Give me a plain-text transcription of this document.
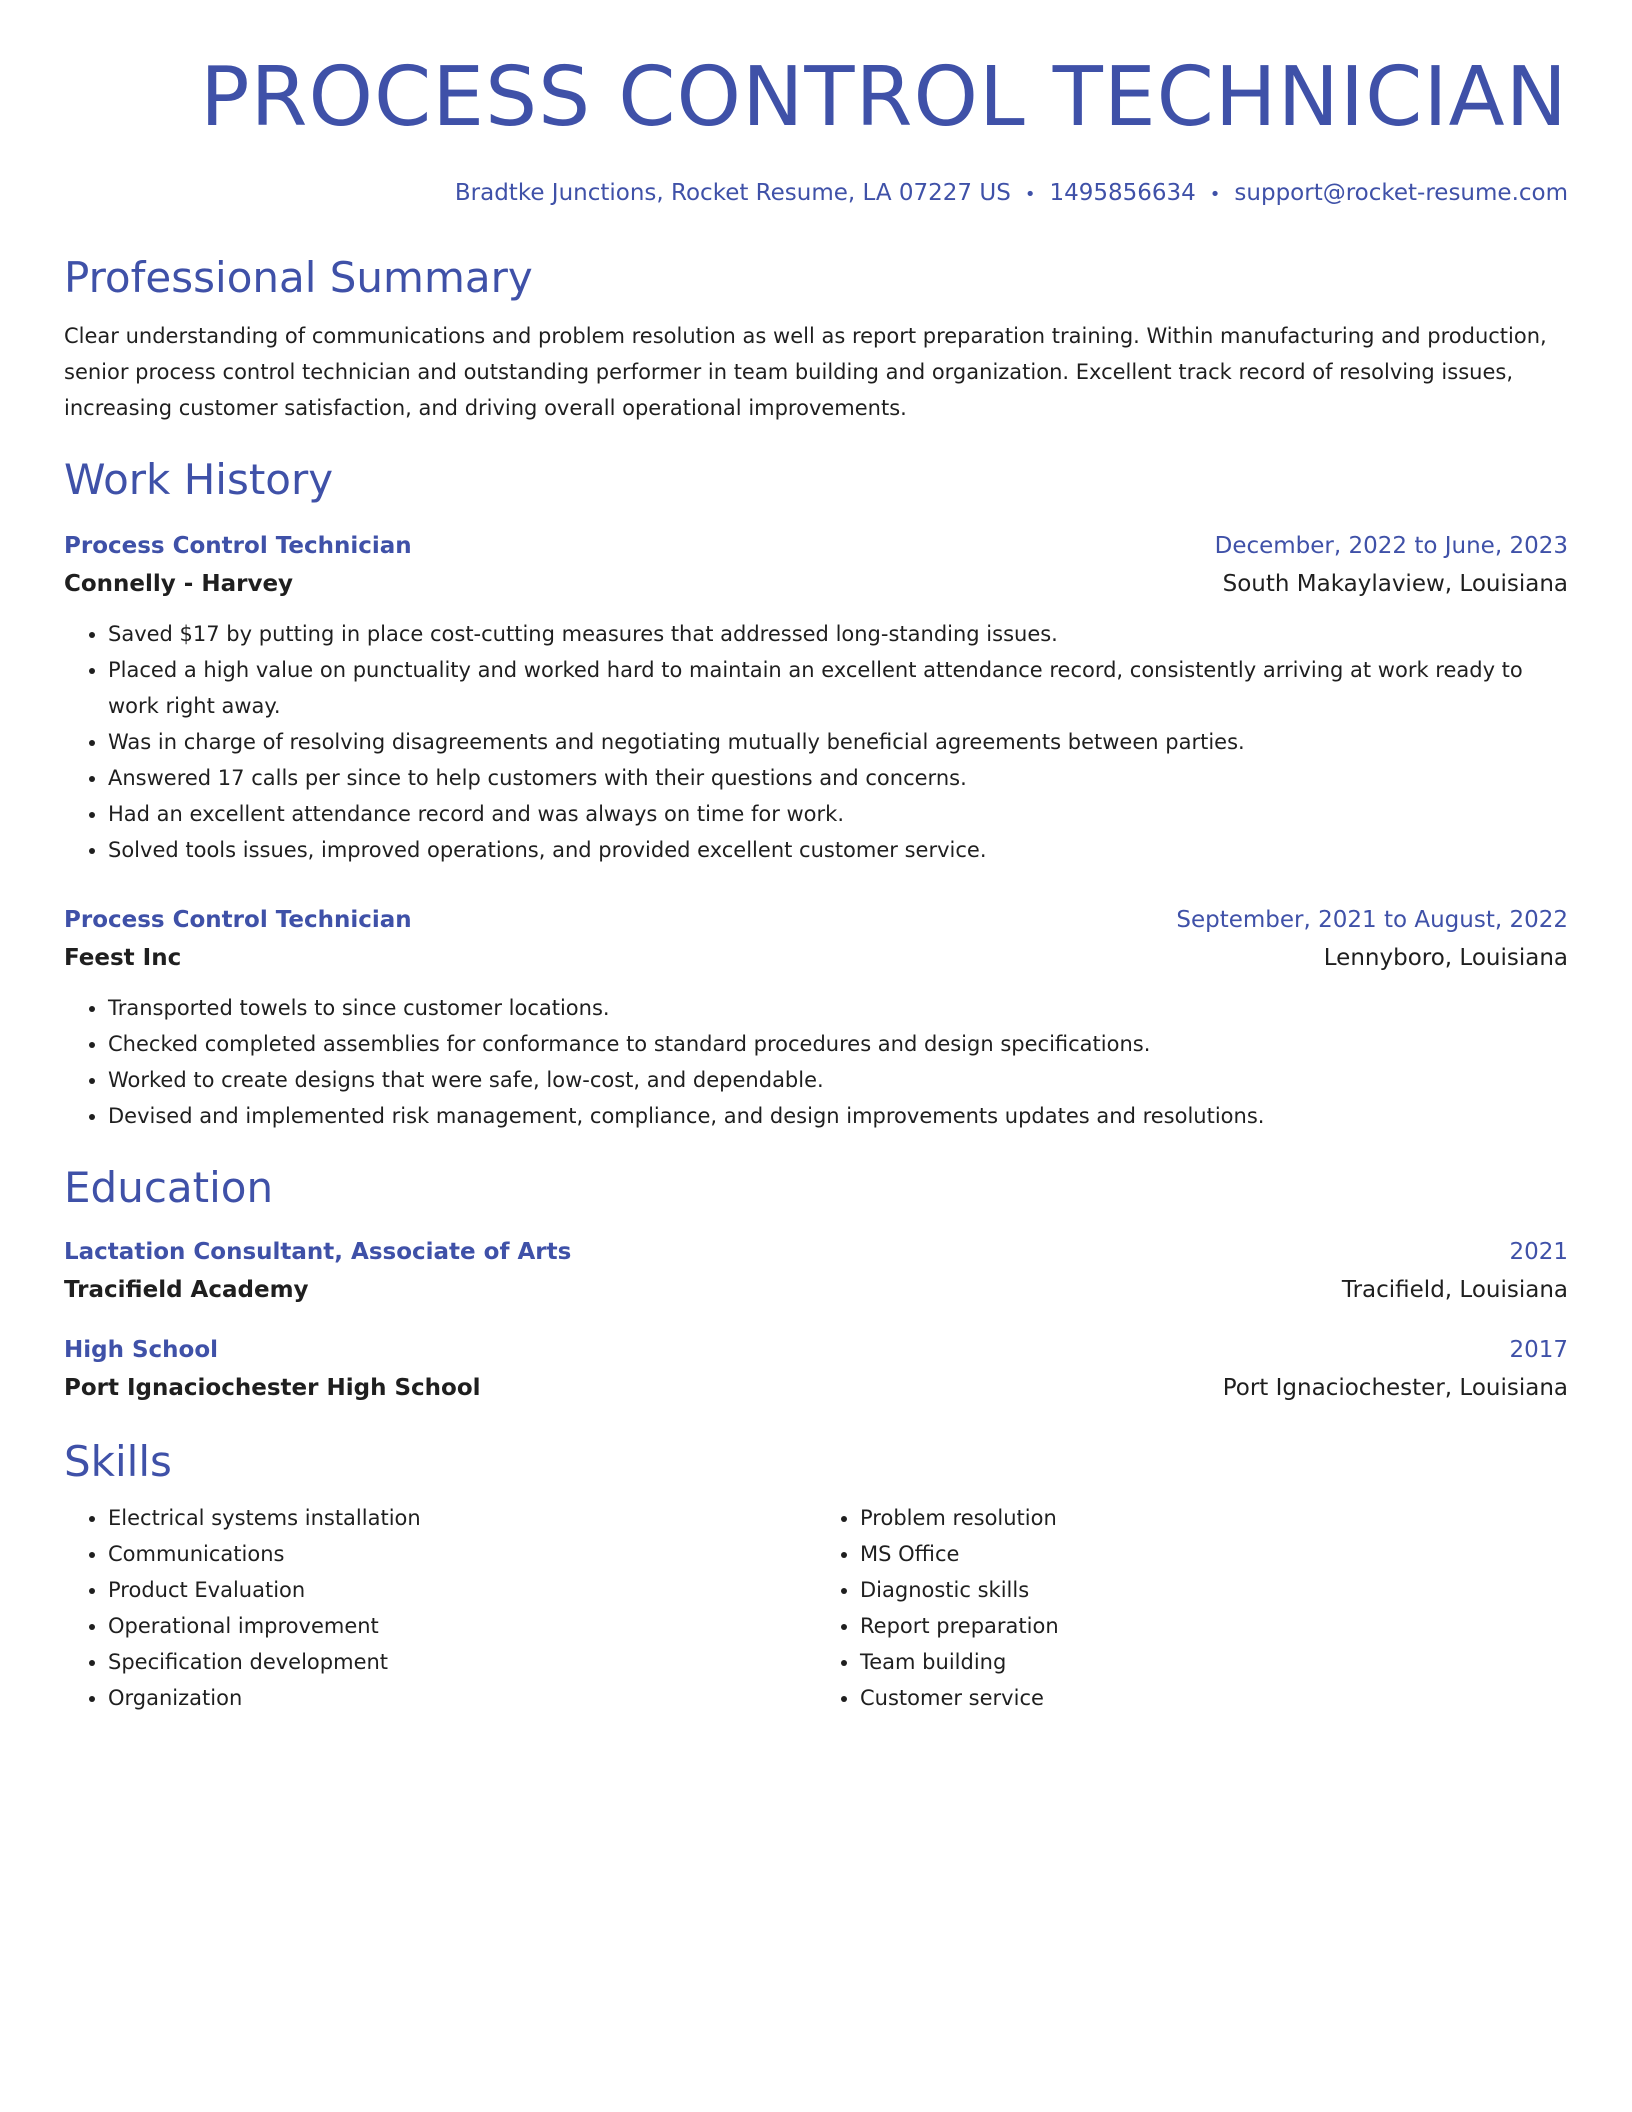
PROCESS CONTROL TECHNICIAN
Bradtke Junctions, Rocket Resume, LA 07227 US • 1495856634 • support@rocket-resume.com
Professional Summary
Clear understanding of communications and problem resolution as well as report preparation training. Within manufacturing and production, senior process control technician and outstanding performer in team building and organization. Excellent track record of resolving issues, increasing customer satisfaction, and driving overall operational improvements.
Work History
Process Control Technician	December, 2022 to June, 2023
Connelly - Harvey	South Makaylaview, Louisiana
• Saved $17 by putting in place cost-cutting measures that addressed long-standing issues.
• Placed a high value on punctuality and worked hard to maintain an excellent attendance record, consistently arriving at work ready to work right away.
• Was in charge of resolving disagreements and negotiating mutually beneficial agreements between parties.
• Answered 17 calls per since to help customers with their questions and concerns.
• Had an excellent attendance record and was always on time for work.
• Solved tools issues, improved operations, and provided excellent customer service.
Process Control Technician	September, 2021 to August, 2022
Feest Inc	Lennyboro, Louisiana
• Transported towels to since customer locations.
• Checked completed assemblies for conformance to standard procedures and design specifications.
• Worked to create designs that were safe, low-cost, and dependable.
• Devised and implemented risk management, compliance, and design improvements updates and resolutions.
Education
Lactation Consultant, Associate of Arts	2021
Tracifield Academy	Tracifield, Louisiana
High School	2017
Port Ignaciochester High School	Port Ignaciochester, Louisiana
Skills
• Electrical systems installation
• Communications
• Product Evaluation
• Operational improvement
• Specification development
• Organization
• Problem resolution
• MS Office
• Diagnostic skills
• Report preparation
• Team building
• Customer service
